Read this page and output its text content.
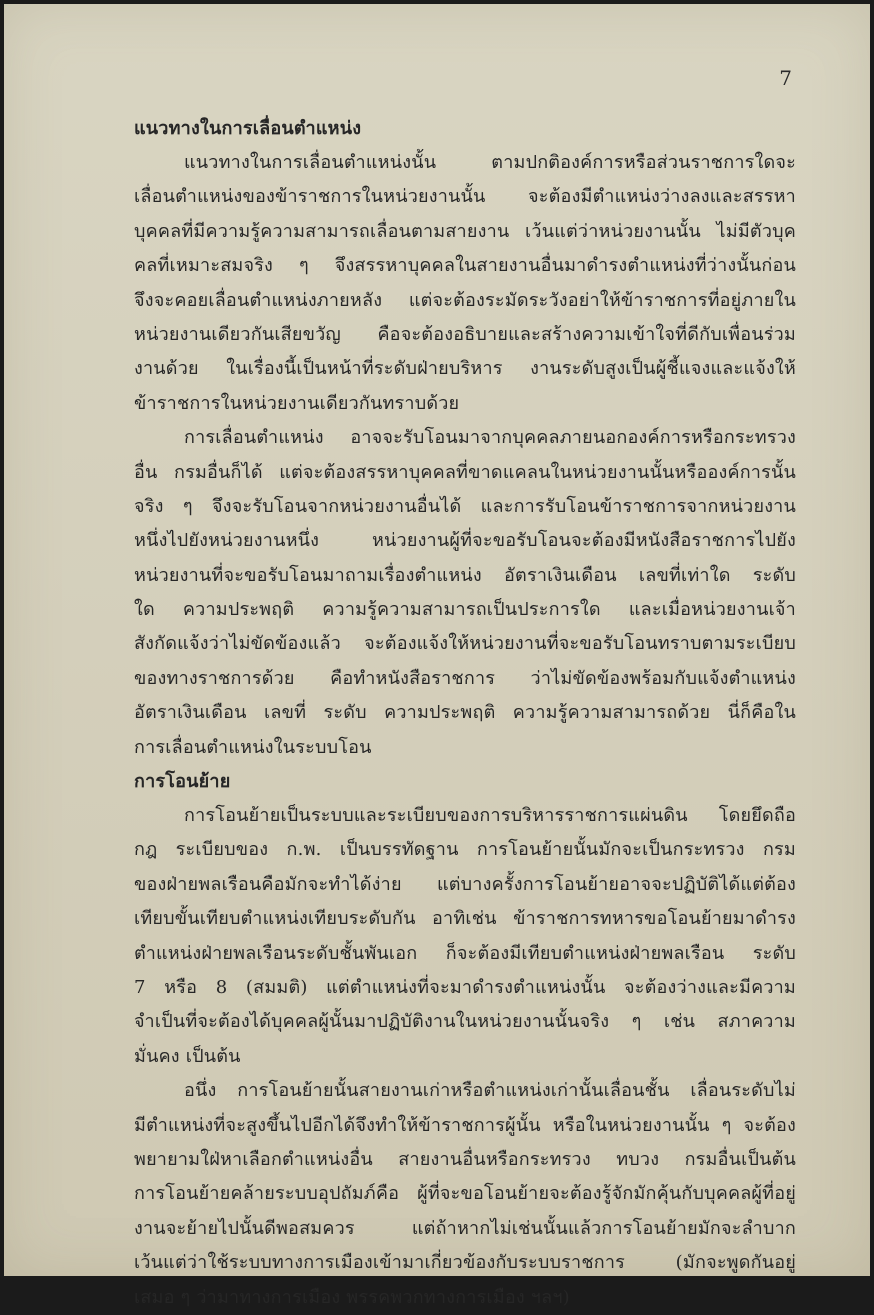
7
แนวทางในการเลื่อนตำแหน่ง
แนวทางในการเลื่อนตำแหน่งนั้น ตามปกติองค์การหรือส่วนราชการใดจะ
เลื่อนตำแหน่งของข้าราชการในหน่วยงานนั้น จะต้องมีตำแหน่งว่างลงและสรรหา
บุคคลที่มีความรู้ความสามารถเลื่อนตามสายงาน เว้นแต่ว่าหน่วยงานนั้น ไม่มีตัวบุค
คลที่เหมาะสมจริง ๆ จึงสรรหาบุคคลในสายงานอื่นมาดำรงตำแหน่งที่ว่างนั้นก่อน
จึงจะคอยเลื่อนตำแหน่งภายหลัง แต่จะต้องระมัดระวังอย่าให้ข้าราชการที่อยู่ภายใน
หน่วยงานเดียวกันเสียขวัญ คือจะต้องอธิบายและสร้างความเข้าใจที่ดีกับเพื่อนร่วม
งานด้วย ในเรื่องนี้เป็นหน้าที่ระดับฝ่ายบริหาร งานระดับสูงเป็นผู้ชี้แจงและแจ้งให้
ข้าราชการในหน่วยงานเดียวกันทราบด้วย
การเลื่อนตำแหน่ง อาจจะรับโอนมาจากบุคคลภายนอกองค์การหรือกระทรวง
อื่น กรมอื่นก็ได้ แต่จะต้องสรรหาบุคคลที่ขาดแคลนในหน่วยงานนั้นหรือองค์การนั้น
จริง ๆ จึงจะรับโอนจากหน่วยงานอื่นได้ และการรับโอนข้าราชการจากหน่วยงาน
หนึ่งไปยังหน่วยงานหนึ่ง หน่วยงานผู้ที่จะขอรับโอนจะต้องมีหนังสือราชการไปยัง
หน่วยงานที่จะขอรับโอนมาถามเรื่องตำแหน่ง อัตราเงินเดือน เลขที่เท่าใด ระดับ
ใด ความประพฤติ ความรู้ความสามารถเป็นประการใด และเมื่อหน่วยงานเจ้า
สังกัดแจ้งว่าไม่ขัดข้องแล้ว จะต้องแจ้งให้หน่วยงานที่จะขอรับโอนทราบตามระเบียบ
ของทางราชการด้วย คือทำหนังสือราชการ ว่าไม่ขัดข้องพร้อมกับแจ้งตำแหน่ง
อัตราเงินเดือน เลขที่ ระดับ ความประพฤติ ความรู้ความสามารถด้วย นี่ก็คือใน
การเลื่อนตำแหน่งในระบบโอน
การโอนย้าย
การโอนย้ายเป็นระบบและระเบียบของการบริหารราชการแผ่นดิน โดยยึดถือ
กฎ ระเบียบของ ก.พ. เป็นบรรทัดฐาน การโอนย้ายนั้นมักจะเป็นกระทรวง กรม
ของฝ่ายพลเรือนคือมักจะทำได้ง่าย แต่บางครั้งการโอนย้ายอาจจะปฏิบัติได้แต่ต้อง
เทียบขั้นเทียบตำแหน่งเทียบระดับกัน อาทิเช่น ข้าราชการทหารขอโอนย้ายมาดำรง
ตำแหน่งฝ่ายพลเรือนระดับชั้นพันเอก ก็จะต้องมีเทียบตำแหน่งฝ่ายพลเรือน ระดับ
7 หรือ 8 (สมมติ) แต่ตำแหน่งที่จะมาดำรงตำแหน่งนั้น จะต้องว่างและมีความ
จำเป็นที่จะต้องได้บุคคลผู้นั้นมาปฏิบัติงานในหน่วยงานนั้นจริง ๆ เช่น สภาความ
มั่นคง เป็นต้น
อนึ่ง การโอนย้ายนั้นสายงานเก่าหรือตำแหน่งเก่านั้นเลื่อนชั้น เลื่อนระดับไม่
มีตำแหน่งที่จะสูงขึ้นไปอีกได้จึงทำให้ข้าราชการผู้นั้น หรือในหน่วยงานนั้น ๆ จะต้อง
พยายามใฝ่หาเลือกตำแหน่งอื่น สายงานอื่นหรือกระทรวง ทบวง กรมอื่นเป็นต้น
การโอนย้ายคล้ายระบบอุปถัมภ์คือ ผู้ที่จะขอโอนย้ายจะต้องรู้จักมักคุ้นกับบุคคลผู้ที่อยู่
งานจะย้ายไปนั้นดีพอสมควร แต่ถ้าหากไม่เช่นนั้นแล้วการโอนย้ายมักจะลำบาก
เว้นแต่ว่าใช้ระบบทางการเมืองเข้ามาเกี่ยวข้องกับระบบราชการ (มักจะพูดกันอยู่
เสมอ ๆ ว่ามาทางการเมือง พรรคพวกทางการเมือง ฯลฯ)
